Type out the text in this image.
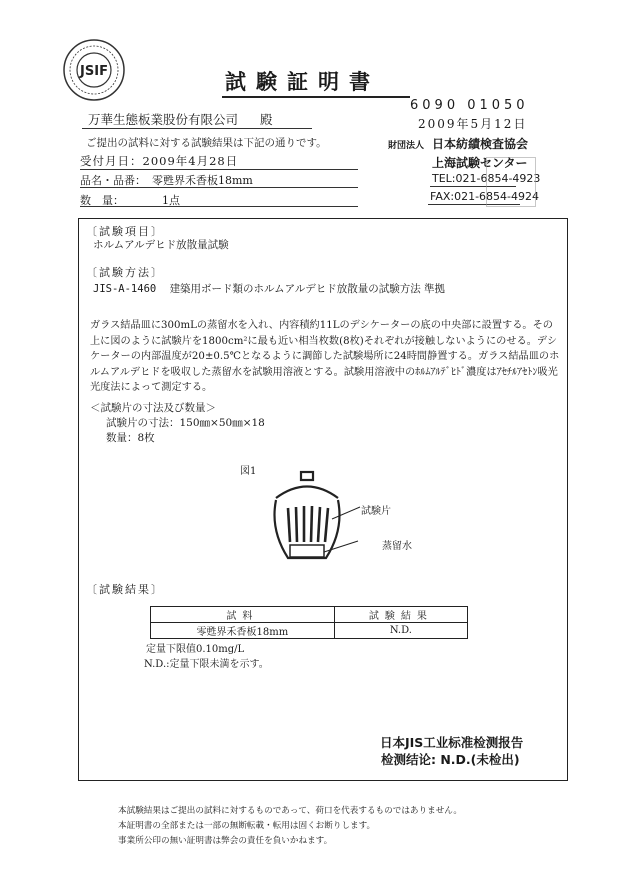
JSIF	試験証明書
6090 01050
2009年5月12日
万華生態板業股份有限公司 殿
ご提出の試料に対する試験結果は下記の通りです。
受付月日：2009年4月28日
品名・品番： 零甦界禾香板18mm
数　量：	1点
財団法人 日本紡績検査協会
上海試験センター
TEL:021-6854-4923
FAX:021-6854-4924
〔試験項目〕
ホルムアルデヒド放散量試験
〔試験方法〕
JIS-A-1460 建築用ボード類のホルムアルデヒド放散量の試験方法 準拠
ガラス結晶皿に300mLの蒸留水を入れ、内容積約11Lのデシケーターの底の中央部に設置する。その上に図のように試験片を1800cm²に最も近い相当枚数(8枚)それぞれが接触しないようにのせる。デシケーターの内部温度が20±0.5℃となるように調節した試験場所に24時間静置する。ガラス結晶皿のホルムアルデヒドを吸収した蒸留水を試験用溶液とする。試験用溶液中のﾎﾙﾑｱﾙﾃﾞﾋﾄﾞ濃度はｱｾﾁﾙｱｾﾄﾝ吸光光度法によって測定する。
＜試験片の寸法及び数量＞
試験片の寸法：150㎜×50㎜×18
数量：8枚
図1
試験片
蒸留水
〔試験結果〕
試料	試験結果
零甦界禾香板18mm	N.D.
定量下限值0.10mg/L
N.D.:定量下限未満を示す。
日本JIS工业标准检测报告
检测结论: N.D.(未检出)
本試験結果はご提出の試料に対するものであって、荷口を代表するものではありません。
本証明書の全部または一部の無断転載・転用は固くお断りします。
事業所公印の無い証明書は弊会の責任を負いかねます。
